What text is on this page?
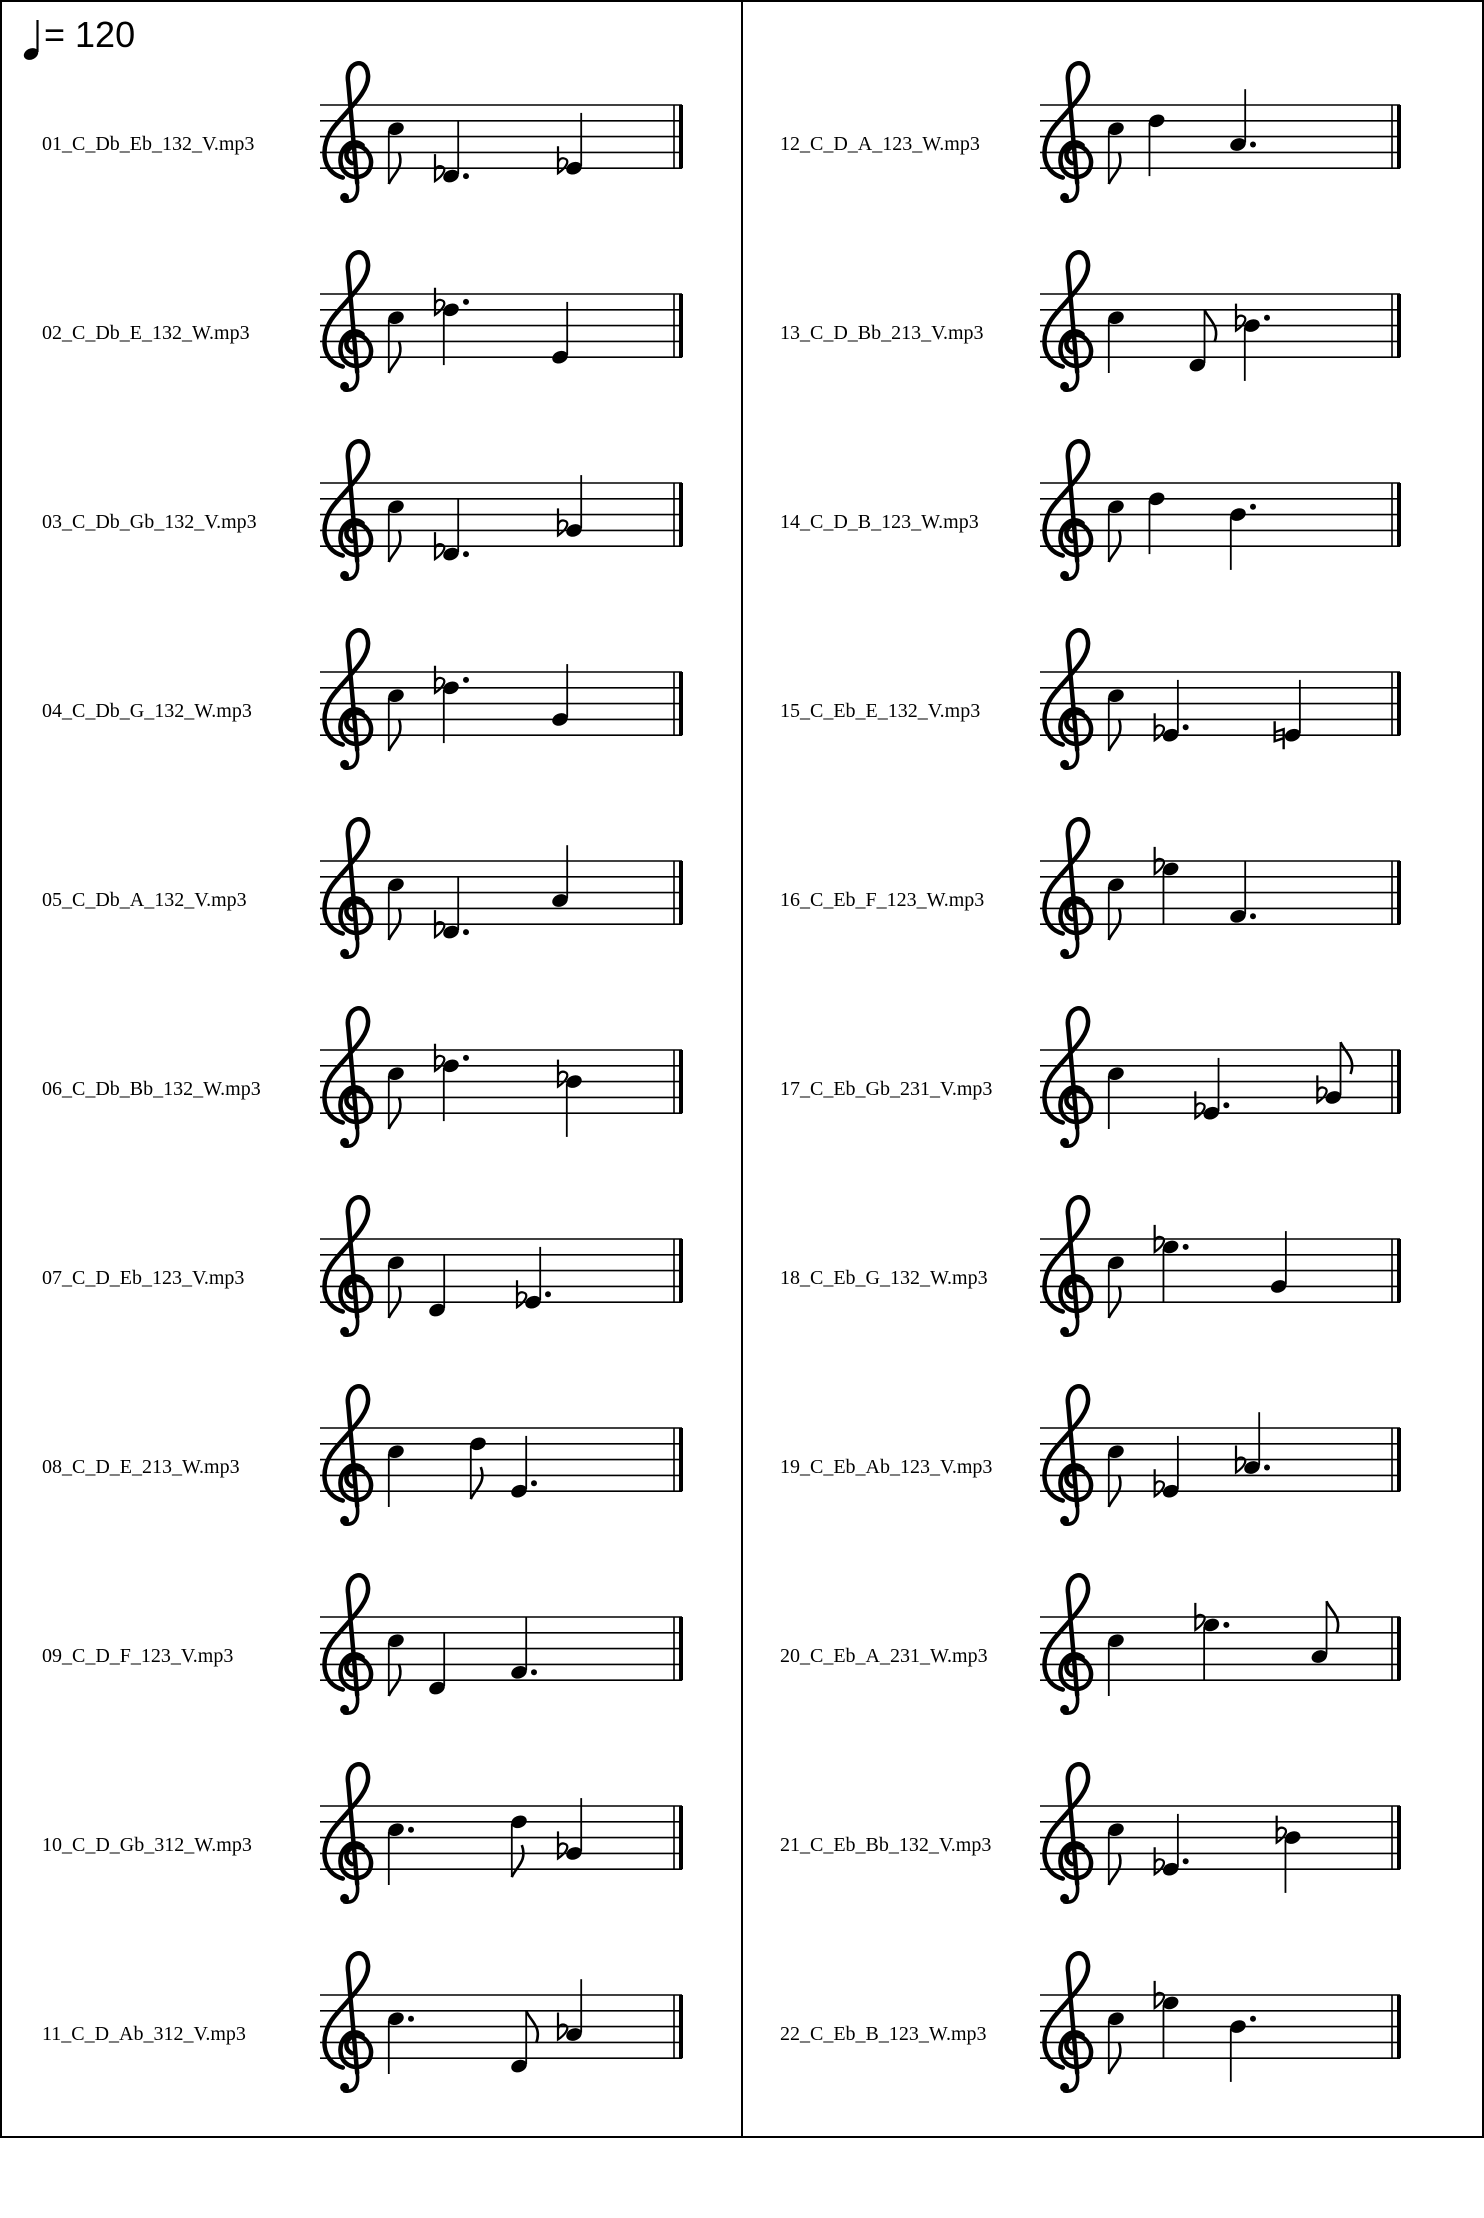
= 120
01_C_Db_Eb_132_V.mp3
02_C_Db_E_132_W.mp3
03_C_Db_Gb_132_V.mp3
04_C_Db_G_132_W.mp3
05_C_Db_A_132_V.mp3
06_C_Db_Bb_132_W.mp3
07_C_D_Eb_123_V.mp3
08_C_D_E_213_W.mp3
09_C_D_F_123_V.mp3
10_C_D_Gb_312_W.mp3
11_C_D_Ab_312_V.mp3
12_C_D_A_123_W.mp3
13_C_D_Bb_213_V.mp3
14_C_D_B_123_W.mp3
15_C_Eb_E_132_V.mp3
16_C_Eb_F_123_W.mp3
17_C_Eb_Gb_231_V.mp3
18_C_Eb_G_132_W.mp3
19_C_Eb_Ab_123_V.mp3
20_C_Eb_A_231_W.mp3
21_C_Eb_Bb_132_V.mp3
22_C_Eb_B_123_W.mp3
